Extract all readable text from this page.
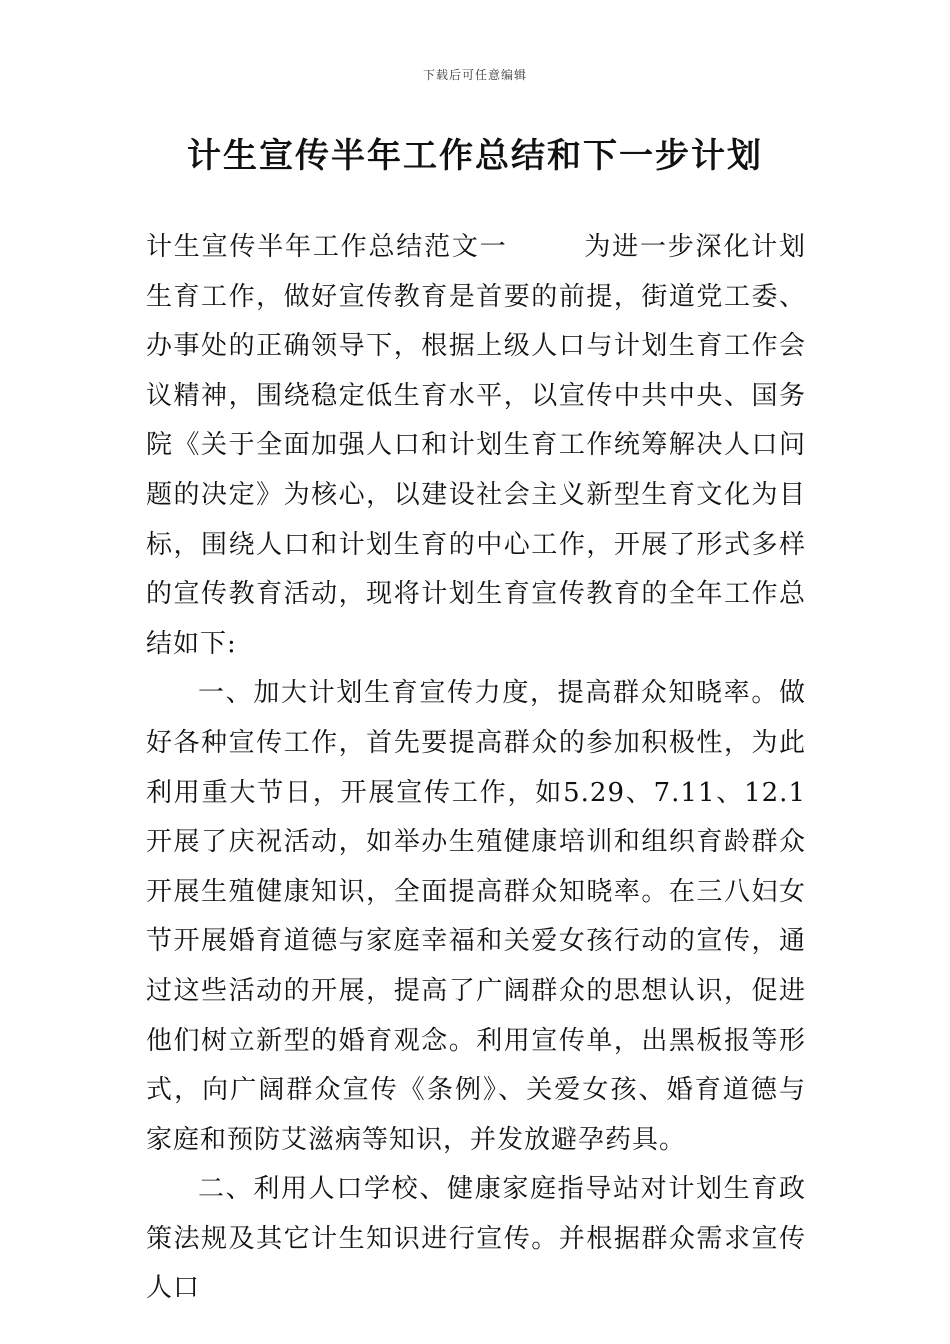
下载后可任意编辑
计生宣传半年工作总结和下一步计划

计生宣传半年工作总结范文一	为进一步深化计划生育工作，做好宣传教育是首要的前提，街道党工委、办事处的正确领导下，根据上级人口与计划生育工作会议精神，围绕稳定低生育水平，以宣传中共中央、国务院《关于全面加强人口和计划生育工作统筹解决人口问题的决定》为核心，以建设社会主义新型生育文化为目标，围绕人口和计划生育的中心工作，开展了形式多样的宣传教育活动，现将计划生育宣传教育的全年工作总结如下:

一、加大计划生育宣传力度，提高群众知晓率。做好各种宣传工作，首先要提高群众的参加积极性，为此利用重大节日，开展宣传工作，如5.29、7.11、12.1开展了庆祝活动，如举办生殖健康培训和组织育龄群众开展生殖健康知识，全面提高群众知晓率。在三八妇女节开展婚育道德与家庭幸福和关爱女孩行动的宣传，通过这些活动的开展，提高了广阔群众的思想认识，促进他们树立新型的婚育观念。利用宣传单，出黑板报等形式，向广阔群众宣传《条例》、关爱女孩、婚育道德与家庭和预防艾滋病等知识，并发放避孕药具。

二、利用人口学校、健康家庭指导站对计划生育政策法规及其它计生知识进行宣传。并根据群众需求宣传人口
